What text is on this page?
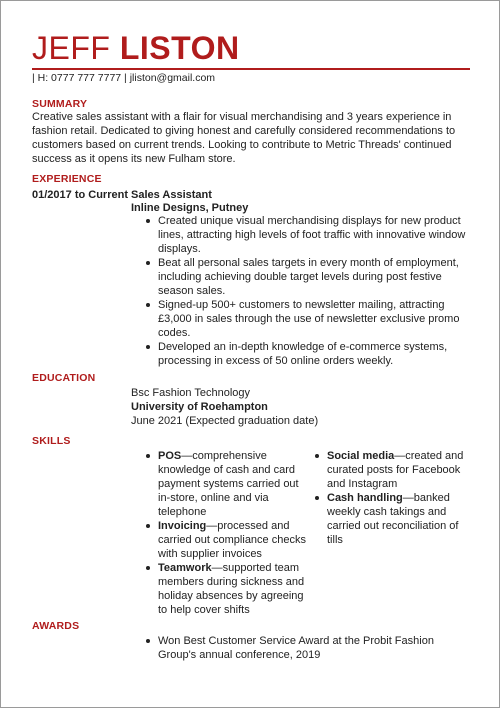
JEFF LISTON
| H: 0777 777 7777 | jliston@gmail.com
SUMMARY
Creative sales assistant with a flair for visual merchandising and 3 years experience in fashion retail. Dedicated to giving honest and carefully considered recommendations to customers based on current trends. Looking to contribute to Metric Threads' continued success as it opens its new Fulham store.
EXPERIENCE
01/2017 to Current Sales Assistant
Inline Designs, Putney
Created unique visual merchandising displays for new product lines, attracting high levels of foot traffic with innovative window displays.
Beat all personal sales targets in every month of employment, including achieving double target levels during post festive season sales.
Signed-up 500+ customers to newsletter mailing, attracting £3,000 in sales through the use of newsletter exclusive promo codes.
Developed an in-depth knowledge of e-commerce systems, processing in excess of 50 online orders weekly.
EDUCATION
Bsc Fashion Technology
University of Roehampton
June 2021 (Expected graduation date)
SKILLS
POS—comprehensive knowledge of cash and card payment systems carried out in-store, online and via telephone
Invoicing—processed and carried out compliance checks with supplier invoices
Teamwork—supported team members during sickness and holiday absences by agreeing to help cover shifts
Social media—created and curated posts for Facebook and Instagram
Cash handling—banked weekly cash takings and carried out reconciliation of tills
AWARDS
Won Best Customer Service Award at the Probit Fashion Group's annual conference, 2019
